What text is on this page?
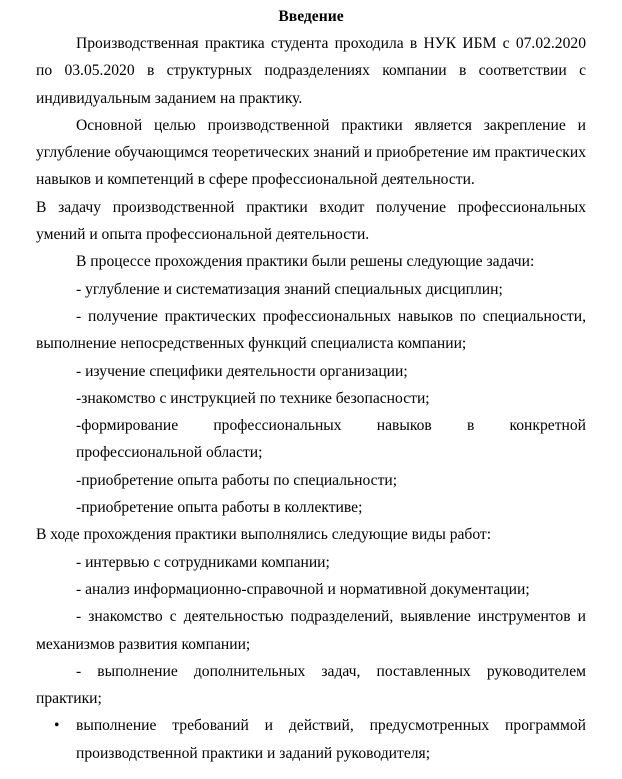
Введение

Производственная практика студента проходила в НУК ИБМ с 07.02.2020 по 03.05.2020 в структурных подразделениях компании в соответствии с индивидуальным заданием на практику.

Основной целью производственной практики является закрепление и углубление обучающимся теоретических знаний и приобретение им практических навыков и компетенций в сфере профессиональной деятельности.

В задачу производственной практики входит получение профессиональных умений и опыта профессиональной деятельности.

В процессе прохождения практики были решены следующие задачи:

- углубление и систематизация знаний специальных дисциплин;

- получение практических профессиональных навыков по специальности, выполнение непосредственных функций специалиста компании;

- изучение специфики деятельности организации;

-знакомство с инструкцией по технике безопасности;

-формирование профессиональных навыков в конкретной профессиональной области;

-приобретение опыта работы по специальности;

-приобретение опыта работы в коллективе;

В ходе прохождения практики выполнялись следующие виды работ:

- интервью с сотрудниками компании;

- анализ информационно-справочной и нормативной документации;

- знакомство с деятельностью подразделений, выявление инструментов и механизмов развития компании;

- выполнение дополнительных задач, поставленных руководителем практики;

• выполнение требований и действий, предусмотренных программой производственной практики и заданий руководителя;
